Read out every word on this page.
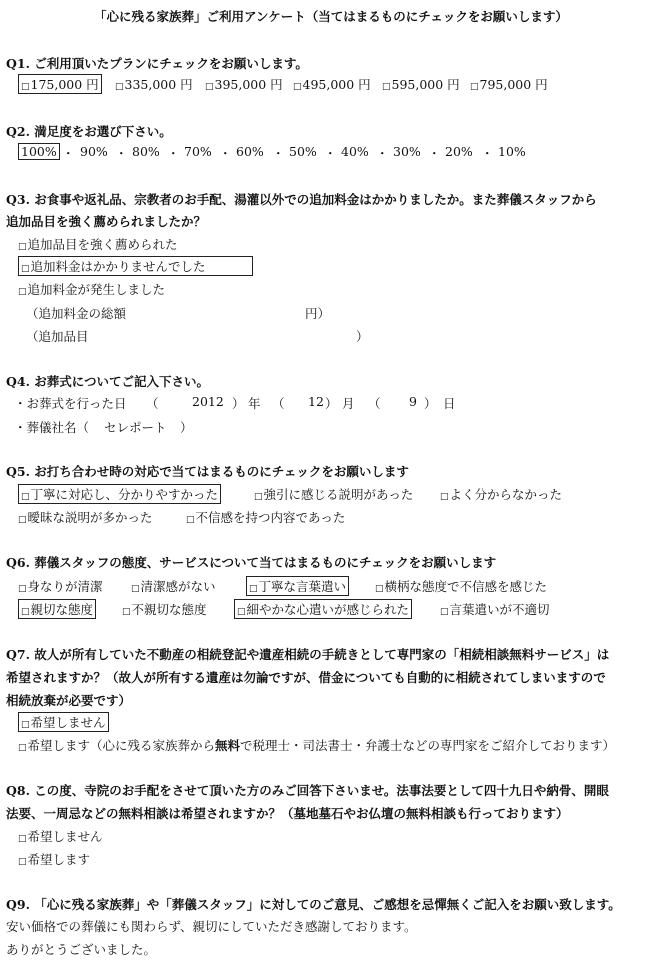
「心に残る家族葬」ご利用アンケート（当てはまるものにチェックをお願いします）
Q1. ご利用頂いたプランにチェックをお願いします。
□175,000 円	□335,000 円 □395,000 円 □495,000 円 □595,000 円 □795,000 円
Q2. 満足度をお選び下さい。
100% ・ 90% ・ 80% ・ 70% ・ 60% ・ 50% ・ 40% ・ 30% ・ 20% ・ 10%
Q3. お食事や返礼品、宗教者のお手配、湯灌以外での追加料金はかかりましたか。また葬儀スタッフから
追加品目を強く薦められましたか？
□追加品目を強く薦められた
□追加料金はかかりませんでした
□追加料金が発生しました
（追加料金の総額	円）
（追加品目	）
Q4. お葬式についてご記入下さい。
・お葬式を行った日 （	2012 ） 年 （ 12 ） 月 （ 9 ） 日
・葬儀社名（ セレポート ）
Q5. お打ち合わせ時の対応で当てはまるものにチェックをお願いします
□丁寧に対応し、分かりやすかった	□強引に感じる説明があった	□よく分からなかった
□曖昧な説明が多かった	□不信感を持つ内容であった
Q6. 葬儀スタッフの態度、サービスについて当てはまるものにチェックをお願いします
□身なりが清潔	□清潔感がない	□丁寧な言葉遣い	□横柄な態度で不信感を感じた
□親切な態度	□不親切な態度	□細やかな心遣いが感じられた	□言葉遣いが不適切
Q7. 故人が所有していた不動産の相続登記や遺産相続の手続きとして専門家の「相続相談無料サービス」は
希望されますか？（故人が所有する遺産は勿論ですが、借金についても自動的に相続されてしまいますので
相続放棄が必要です）
□希望しません
□希望します（心に残る家族葬から無料で税理士・司法書士・弁護士などの専門家をご紹介しております）
Q8. この度、寺院のお手配をさせて頂いた方のみご回答下さいませ。法事法要として四十九日や納骨、開眼
法要、一周忌などの無料相談は希望されますか？（墓地墓石やお仏壇の無料相談も行っております）
□希望しません
□希望します
Q9. 「心に残る家族葬」や「葬儀スタッフ」に対してのご意見、ご感想を忌憚無くご記入をお願い致します。
安い価格での葬儀にも関わらず、親切にしていただき感謝しております。
ありがとうございました。
